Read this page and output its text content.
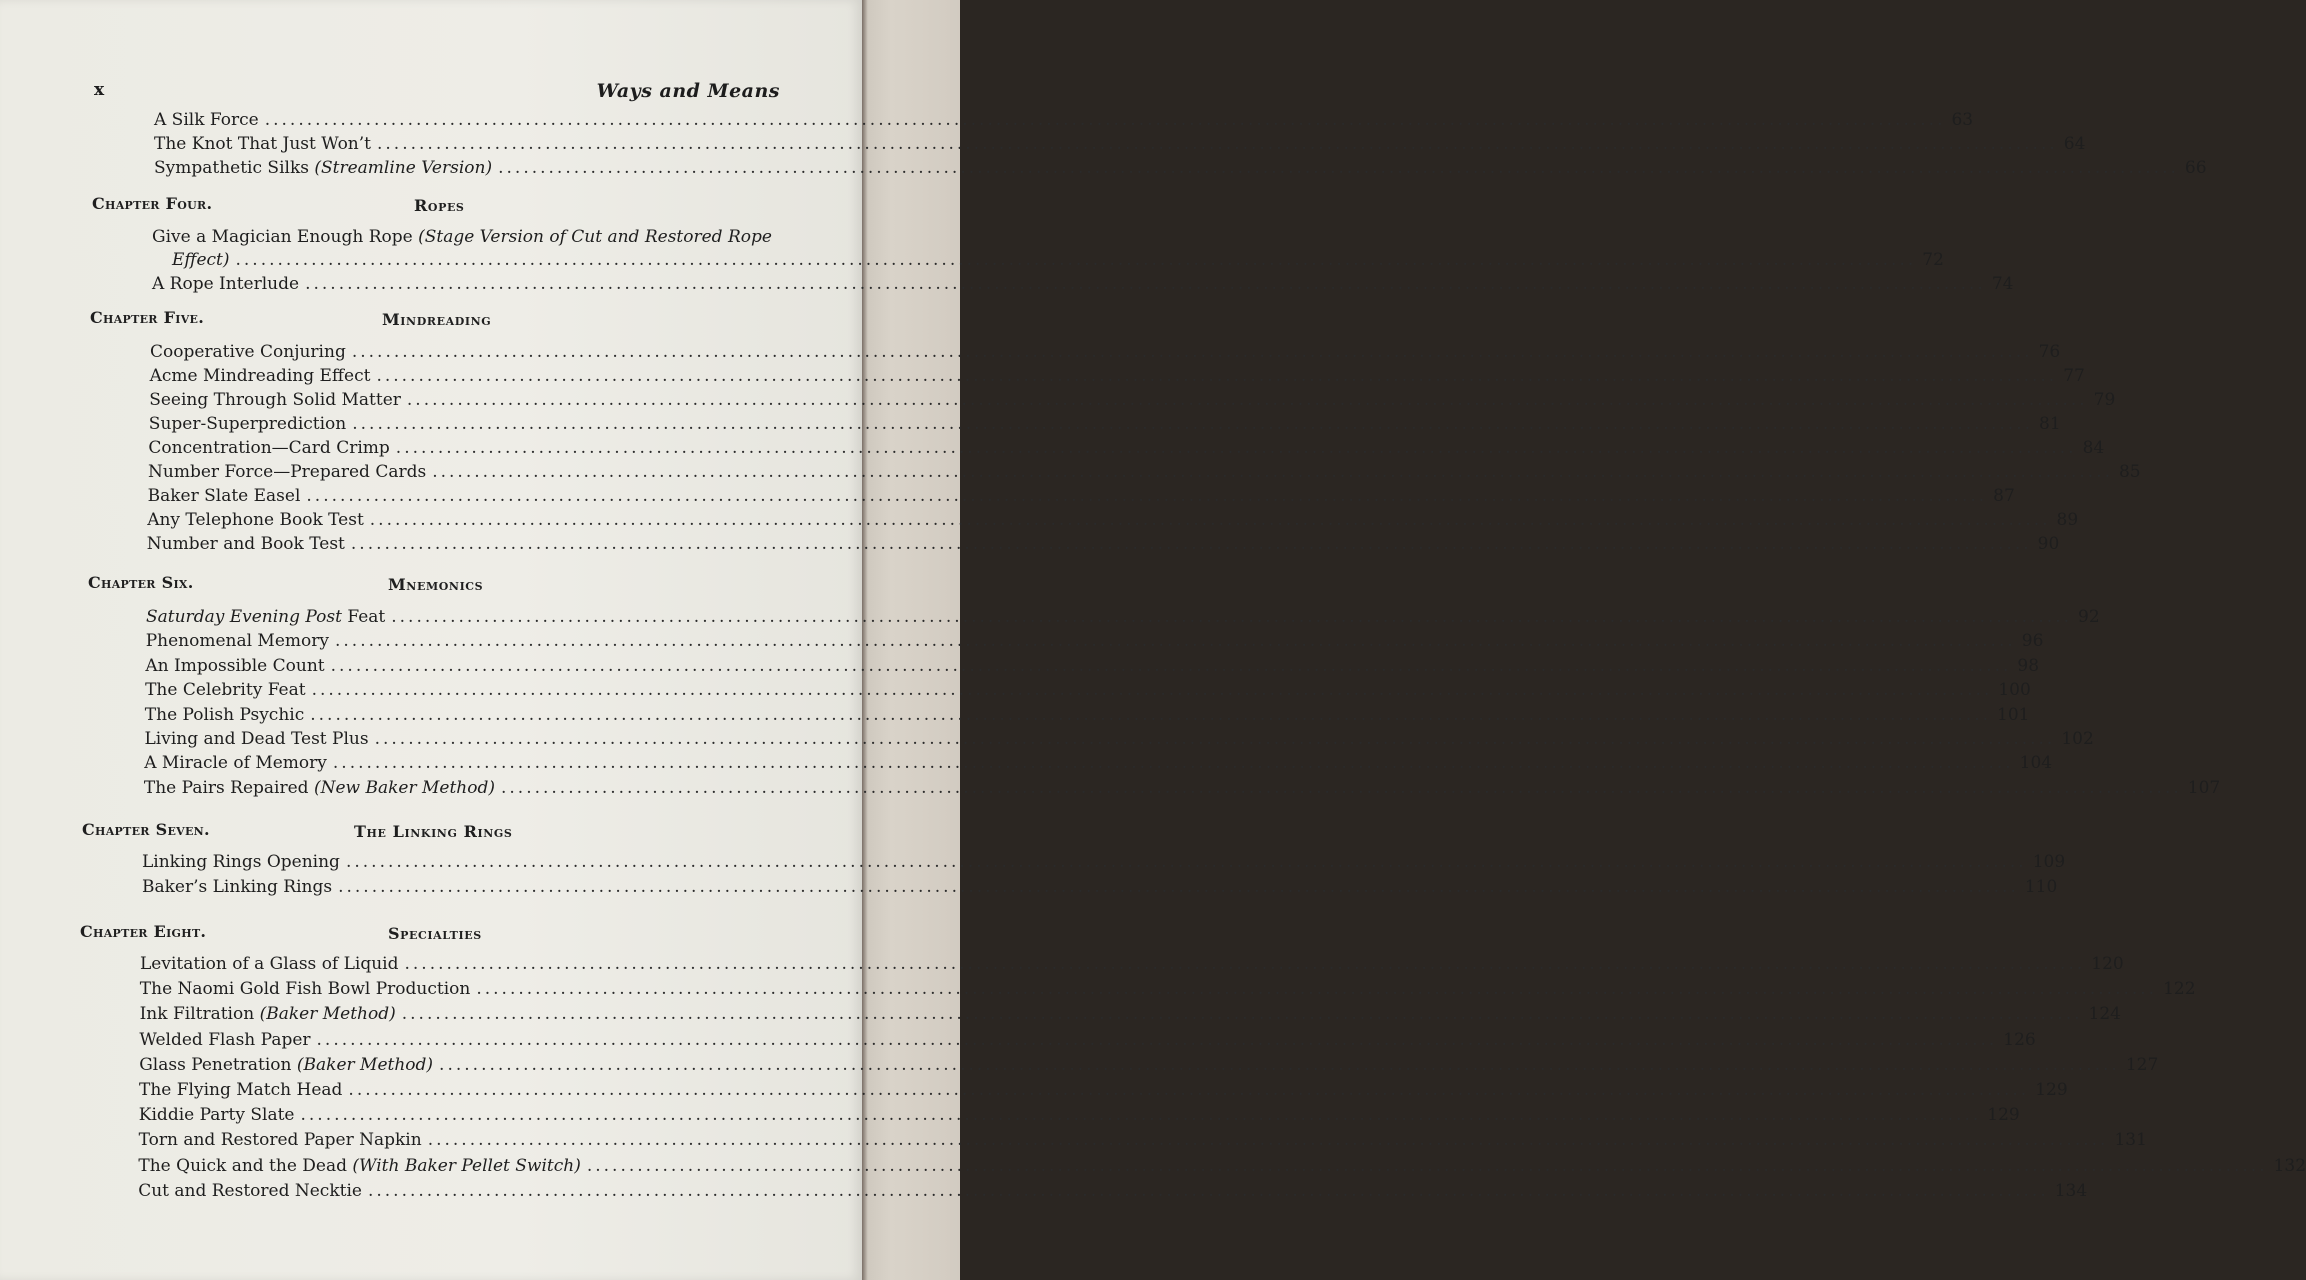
x	Ways and Means
A Silk Force ........................................................................................................................................................................................................ 63
The Knot That Just Won’t ........................................................................................................................................................................................................ 64
Sympathetic Silks (Streamline Version) ........................................................................................................................................................................................................ 66
Chapter Four.	Ropes
Give a Magician Enough Rope (Stage Version of Cut and Restored Rope
Effect) ........................................................................................................................................................................................................ 72
A Rope Interlude ........................................................................................................................................................................................................ 74
Chapter Five.	Mindreading
Cooperative Conjuring ........................................................................................................................................................................................................ 76
Acme Mindreading Effect ........................................................................................................................................................................................................ 77
Seeing Through Solid Matter ........................................................................................................................................................................................................ 79
Super-Superprediction ........................................................................................................................................................................................................ 81
Concentration—Card Crimp ........................................................................................................................................................................................................ 84
Number Force—Prepared Cards ........................................................................................................................................................................................................ 85
Baker Slate Easel ........................................................................................................................................................................................................ 87
Any Telephone Book Test ........................................................................................................................................................................................................ 89
Number and Book Test ........................................................................................................................................................................................................ 90
Chapter Six.	Mnemonics
Saturday Evening Post Feat ........................................................................................................................................................................................................ 92
Phenomenal Memory ........................................................................................................................................................................................................ 96
An Impossible Count ........................................................................................................................................................................................................ 98
The Celebrity Feat ........................................................................................................................................................................................................ 100
The Polish Psychic ........................................................................................................................................................................................................ 101
Living and Dead Test Plus ........................................................................................................................................................................................................ 102
A Miracle of Memory ........................................................................................................................................................................................................ 104
The Pairs Repaired (New Baker Method) ........................................................................................................................................................................................................ 107
Chapter Seven.	The Linking Rings
Linking Rings Opening ........................................................................................................................................................................................................ 109
Baker’s Linking Rings ........................................................................................................................................................................................................ 110
Chapter Eight.	Specialties
Levitation of a Glass of Liquid ........................................................................................................................................................................................................ 120
The Naomi Gold Fish Bowl Production ........................................................................................................................................................................................................ 122
Ink Filtration (Baker Method) ........................................................................................................................................................................................................ 124
Welded Flash Paper ........................................................................................................................................................................................................ 126
Glass Penetration (Baker Method) ........................................................................................................................................................................................................ 127
The Flying Match Head ........................................................................................................................................................................................................ 129
Kiddie Party Slate ........................................................................................................................................................................................................ 129
Torn and Restored Paper Napkin ........................................................................................................................................................................................................ 131
The Quick and the Dead (With Baker Pellet Switch) ........................................................................................................................................................................................................ 132
Cut and Restored Necktie ........................................................................................................................................................................................................ 134
